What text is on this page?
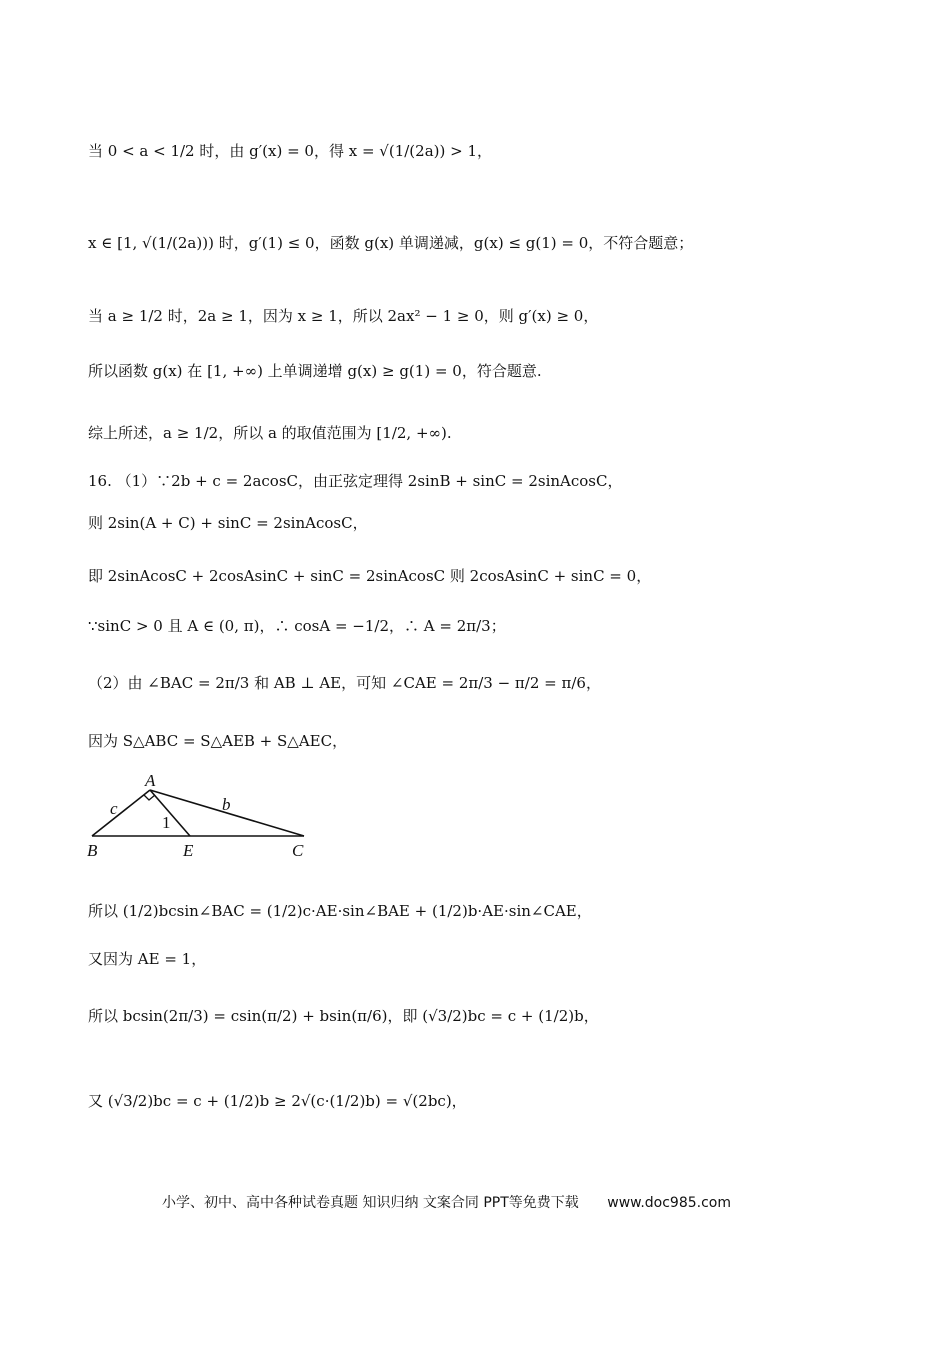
当 0 < a < 1/2 时，由 g′(x) = 0，得 x = √(1/(2a)) > 1，
x ∈ [1, √(1/(2a))) 时，g′(1) ≤ 0，函数 g(x) 单调递减，g(x) ≤ g(1) = 0，不符合题意；
当 a ≥ 1/2 时，2a ≥ 1，因为 x ≥ 1，所以 2ax² − 1 ≥ 0，则 g′(x) ≥ 0，
所以函数 g(x) 在 [1, +∞) 上单调递增 g(x) ≥ g(1) = 0，符合题意.
综上所述，a ≥ 1/2，所以 a 的取值范围为 [1/2, +∞).
16. （1）∵2b + c = 2acosC，由正弦定理得 2sinB + sinC = 2sinAcosC，
则 2sin(A + C) + sinC = 2sinAcosC，
即 2sinAcosC + 2cosAsinC + sinC = 2sinAcosC 则 2cosAsinC + sinC = 0，
∵sinC > 0 且 A ∈ (0, π)，∴ cosA = −1/2，∴ A = 2π/3；
（2）由 ∠BAC = 2π/3 和 AB ⊥ AE，可知 ∠CAE = 2π/3 − π/2 = π/6，
因为 S△ABC = S△AEB + S△AEC，
所以 (1/2)bcsin∠BAC = (1/2)c·AE·sin∠BAE + (1/2)b·AE·sin∠CAE，
又因为 AE = 1，
所以 bcsin(2π/3) = csin(π/2) + bsin(π/6)，即 (√3/2)bc = c + (1/2)b，
又 (√3/2)bc = c + (1/2)b ≥ 2√(c·(1/2)b) = √(2bc)，
A
B	E	C
c	b
1
小学、初中、高中各种试卷真题 知识归纳 文案合同 PPT等免费下载 www.doc985.com
